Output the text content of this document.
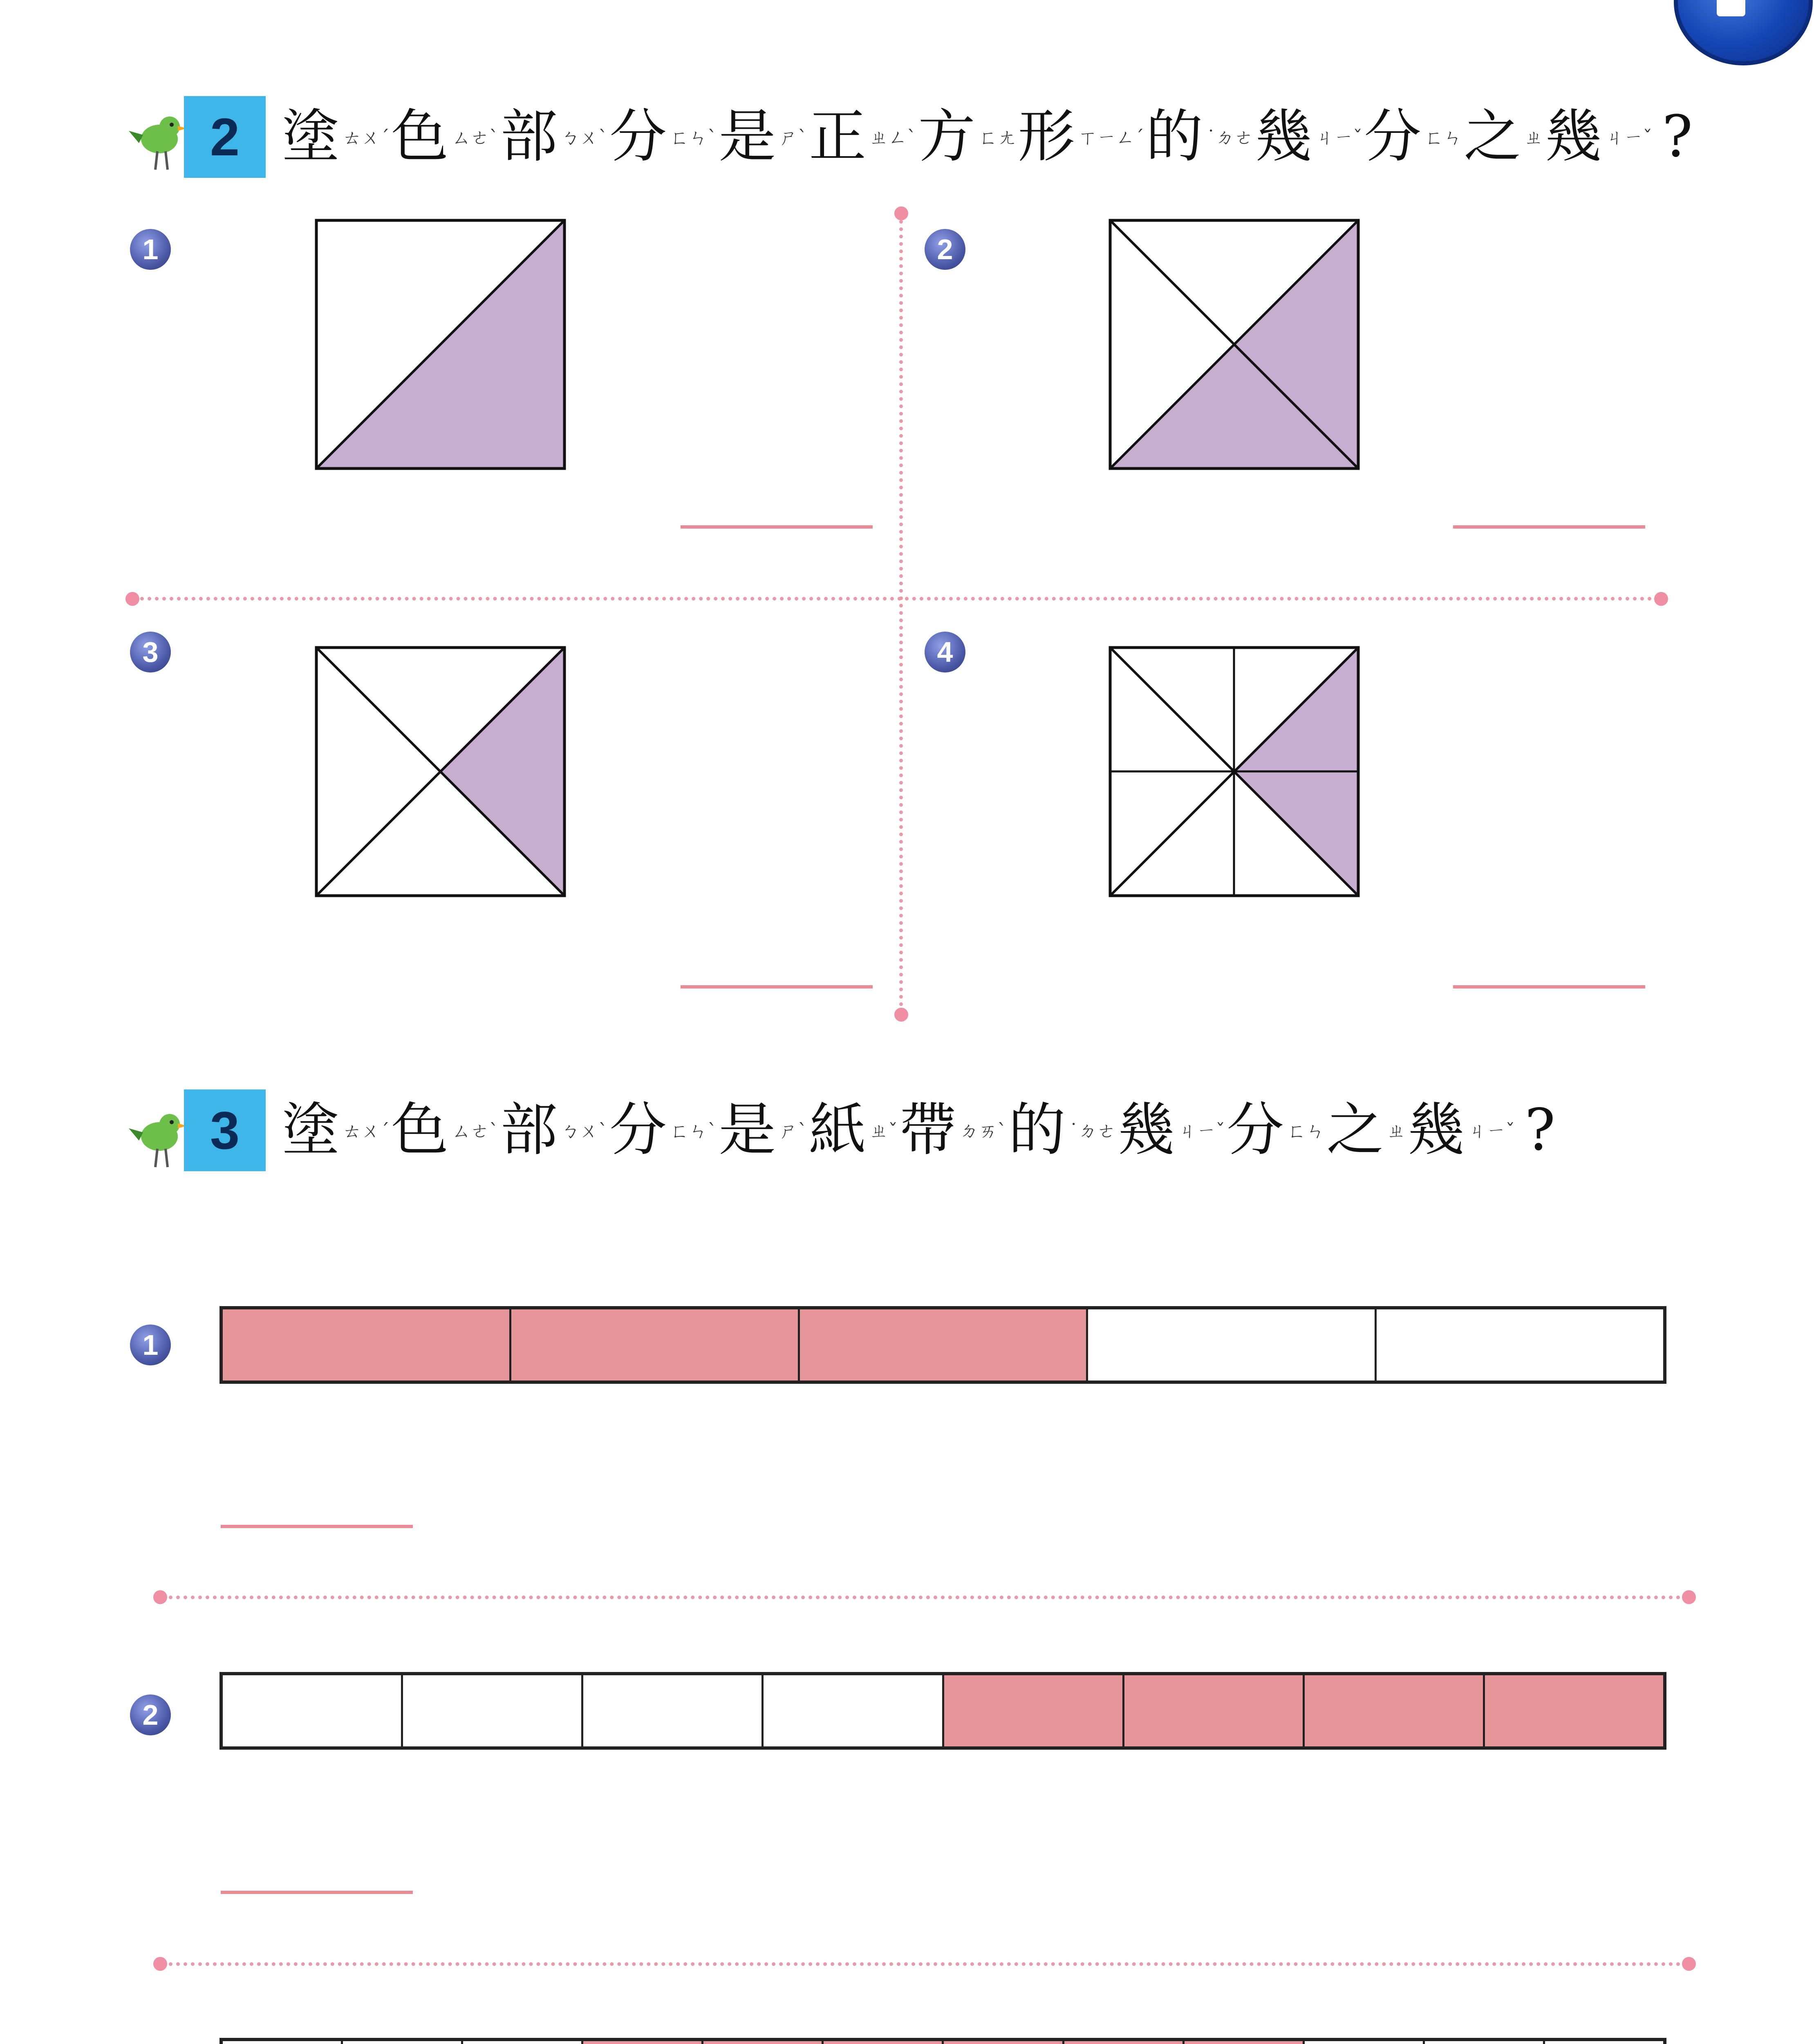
2 塗$^{ㄊㄨˊ}$色$^{ㄙㄜˋ}$部$^{ㄅㄨˋ}$分$^{ㄈㄣˋ}$是$^{ㄕˋ}$正$^{ㄓㄥˋ}$方$^{ㄈㄤ}$形$^{ㄒㄧㄥˊ}$的$^{˙ㄉㄜ}$幾$^{ㄐㄧˇ}$分$^{ㄈㄣ}$之$^ㄓ$幾$^{ㄐㄧˇ}$ ?
1	2
3	4
3 塗$^{ㄊㄨˊ}$色$^{ㄙㄜˋ}$部$^{ㄅㄨˋ}$分$^{ㄈㄣˋ}$是$^{ㄕˋ}$紙$^{ㄓˇ}$帶$^{ㄉㄞˋ}$的$^{˙ㄉㄜ}$幾$^{ㄐㄧˇ}$分$^{ㄈㄣ}$之$^ㄓ$幾$^{ㄐㄧˇ}$ ?
1
2
